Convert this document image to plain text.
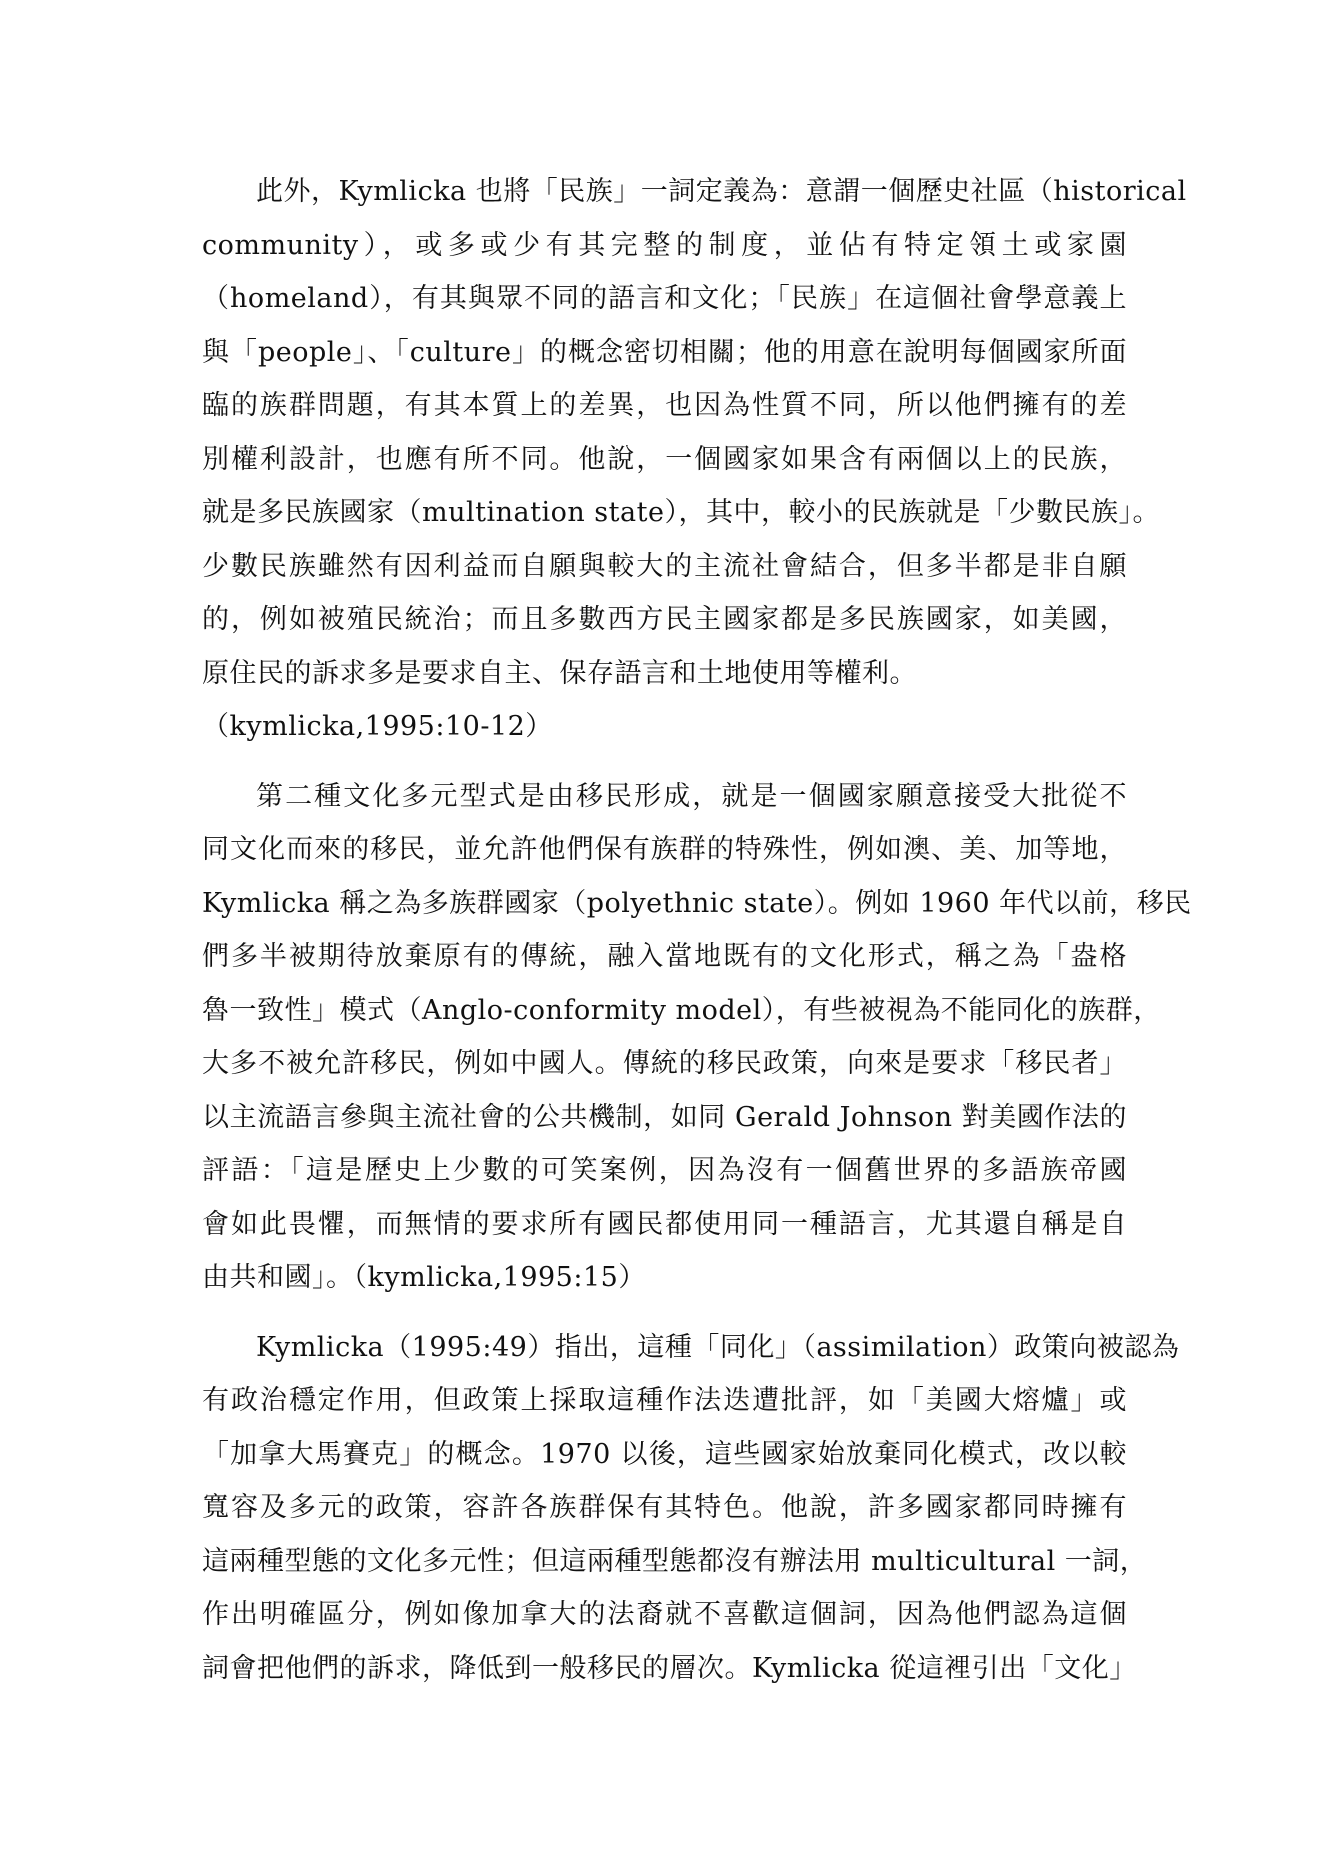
此外，Kymlicka 也將「民族」一詞定義為：意謂一個歷史社區（historical
community），或多或少有其完整的制度，並佔有特定領土或家園
（homeland），有其與眾不同的語言和文化；「民族」在這個社會學意義上
與「people」、「culture」的概念密切相關；他的用意在說明每個國家所面
臨的族群問題，有其本質上的差異，也因為性質不同，所以他們擁有的差
別權利設計，也應有所不同。他說，一個國家如果含有兩個以上的民族，
就是多民族國家（multination state），其中，較小的民族就是「少數民族」。
少數民族雖然有因利益而自願與較大的主流社會結合，但多半都是非自願
的，例如被殖民統治；而且多數西方民主國家都是多民族國家，如美國，
原住民的訴求多是要求自主、保存語言和土地使用等權利。
（kymlicka,1995:10-12）
第二種文化多元型式是由移民形成，就是一個國家願意接受大批從不
同文化而來的移民，並允許他們保有族群的特殊性，例如澳、美、加等地，
Kymlicka 稱之為多族群國家（polyethnic state）。例如 1960 年代以前，移民
們多半被期待放棄原有的傳統，融入當地既有的文化形式，稱之為「盎格
魯一致性」模式（Anglo-conformity model），有些被視為不能同化的族群，
大多不被允許移民，例如中國人。傳統的移民政策，向來是要求「移民者」
以主流語言參與主流社會的公共機制，如同 Gerald Johnson 對美國作法的
評語：「這是歷史上少數的可笑案例，因為沒有一個舊世界的多語族帝國
會如此畏懼，而無情的要求所有國民都使用同一種語言，尤其還自稱是自
由共和國」。（kymlicka,1995:15）
Kymlicka（1995:49）指出，這種「同化」（assimilation）政策向被認為
有政治穩定作用，但政策上採取這種作法迭遭批評，如「美國大熔爐」或
「加拿大馬賽克」的概念。1970 以後，這些國家始放棄同化模式，改以較
寬容及多元的政策，容許各族群保有其特色。他說，許多國家都同時擁有
這兩種型態的文化多元性；但這兩種型態都沒有辦法用 multicultural 一詞，
作出明確區分，例如像加拿大的法裔就不喜歡這個詞，因為他們認為這個
詞會把他們的訴求，降低到一般移民的層次。Kymlicka 從這裡引出「文化」
